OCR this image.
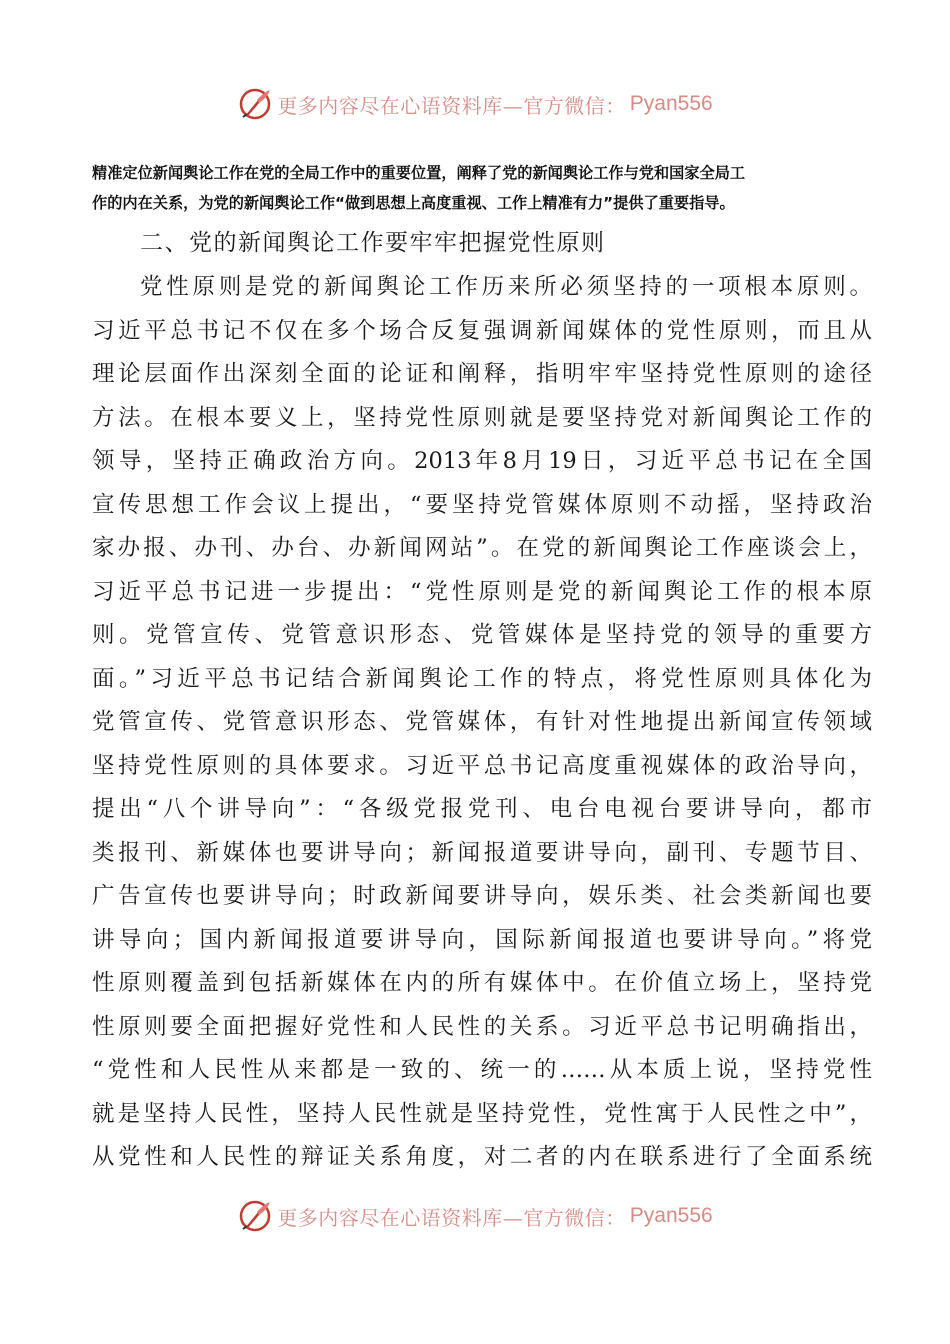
更多内容尽在心语资料库—官方微信： Pyan556
精准定位新闻舆论工作在党的全局工作中的重要位置，阐释了党的新闻舆论工作与党和国家全局工
作的内在关系，为党的新闻舆论工作“做到思想上高度重视、工作上精准有力”提供了重要指导。
二、党的新闻舆论工作要牢牢把握党性原则
党性原则是党的新闻舆论工作历来所必须坚持的一项根本原则。
习近平总书记不仅在多个场合反复强调新闻媒体的党性原则，而且从
理论层面作出深刻全面的论证和阐释，指明牢牢坚持党性原则的途径
方法。在根本要义上，坚持党性原则就是要坚持党对新闻舆论工作的
领导，坚持正确政治方向。2013年8月19日，习近平总书记在全国
宣传思想工作会议上提出，“要坚持党管媒体原则不动摇，坚持政治
家办报、办刊、办台、办新闻网站”。在党的新闻舆论工作座谈会上，
习近平总书记进一步提出：“党性原则是党的新闻舆论工作的根本原
则。党管宣传、党管意识形态、党管媒体是坚持党的领导的重要方
面。”习近平总书记结合新闻舆论工作的特点，将党性原则具体化为
党管宣传、党管意识形态、党管媒体，有针对性地提出新闻宣传领域
坚持党性原则的具体要求。习近平总书记高度重视媒体的政治导向，
提出“八个讲导向”：“各级党报党刊、电台电视台要讲导向，都市
类报刊、新媒体也要讲导向；新闻报道要讲导向，副刊、专题节目、
广告宣传也要讲导向；时政新闻要讲导向，娱乐类、社会类新闻也要
讲导向；国内新闻报道要讲导向，国际新闻报道也要讲导向。”将党
性原则覆盖到包括新媒体在内的所有媒体中。在价值立场上，坚持党
性原则要全面把握好党性和人民性的关系。习近平总书记明确指出，
“党性和人民性从来都是一致的、统一的……从本质上说，坚持党性
就是坚持人民性，坚持人民性就是坚持党性，党性寓于人民性之中”，
从党性和人民性的辩证关系角度，对二者的内在联系进行了全面系统
更多内容尽在心语资料库—官方微信： Pyan556
